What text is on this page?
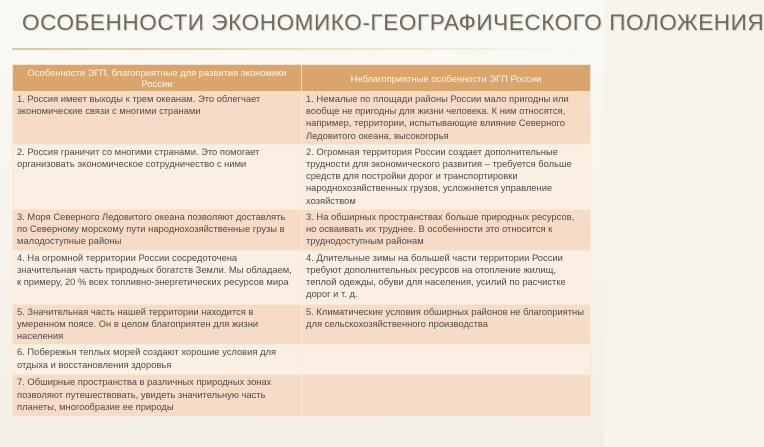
ОСОБЕННОСТИ ЭКОНОМИКО-ГЕОГРАФИЧЕСКОГО ПОЛОЖЕНИЯ
Особенности ЭГП, благоприятные для развития экономики России	Неблагоприятные особенности ЭГП России
1. Россия имеет выходы к трем океанам. Это облегчает экономические связи с многими странами	1. Немалые по площади районы России мало пригодны или вообще не пригодны для жизни человека. К ним относятся, например, территории, испытывающие влияние Северного Ледовитого океана, высокогорья
2. Россия граничит со многими странами. Это помогает организовать экономическое сотрудничество с ними	2. Огромная территория России создает дополнительные трудности для экономического развития – требуется больше средств для постройки дорог и транспортировки народнохозяйственных грузов, усложняется управление хозяйством
3. Моря Северного Ледовитого океана позволяют доставлять по Северному морскому пути народнохозяйственные грузы в малодоступные районы	3. На обширных пространствах больше природных ресурсов, но осваивать их труднее. В особенности это относится к труднодоступным районам
4. На огромной территории России сосредоточена значительная часть природных богатств Земли. Мы обладаем, к примеру, 20 % всех топливно-энергетических ресурсов мира	4. Длительные зимы на большей части территории России требуют дополнительных ресурсов на отопление жилищ, теплой одежды, обуви для населения, усилий по расчистке дорог и т. д.
5. Значительная часть нашей территории находится в умеренном поясе. Он в целом благоприятен для жизни населения	5. Климатические условия обширных районов не благоприятны для сельскохозяйственного производства
6. Побережья теплых морей создают хорошие условия для отдыха и восстановления здоровья	
7. Обширные пространства в различных природных зонах позволяют путешествовать, увидеть значительную часть планеты, многообразие ее природы	
